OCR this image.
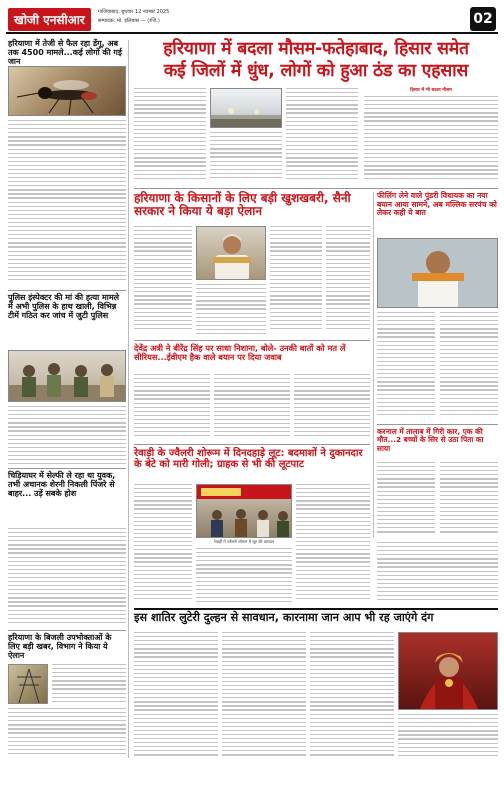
खोजी एनसीआर
गाजियाबाद, बुधवार 12 नवम्बर 2025
सम्पादक: मो. इलियास — (रजि.)	02
हरियाणा में तेजी से फैल रहा डेंगू, अब तक 4500 मामले...कई लोगों की गई जान
पुलिस इंस्पेक्टर की मां की हत्या मामले में अभी पुलिस के हाथ खाली, विभिन्न टीमें गठित कर जांच में जुटी पुलिस
चिड़ियाघर में सेल्फी ले रहा था युवक, तभी अचानक शेरनी निकली पिंजरे से बाहर... उड़ें सबके होश
हरियाणा के बिजली उपभोक्ताओं के लिए बड़ी खबर, विभाग ने किया ये ऐलान
हरियाणा में बदला मौसम-फतेहाबाद, हिसार समेत
कई जिलों में धुंध, लोगों को हुआ ठंड का एहसास
हिसार में भी बदला मौसम
हरियाणा के किसानों के लिए बड़ी खुशखबरी, सैनी सरकार ने किया ये बड़ा ऐलान
फीलिंग लेने वाले पुंडरी विधायक का नया बयान आया सामने, अब मल्लिक सरपंच को लेकर कही ये बात
देवेंद्र अत्री ने बीरेंद्र सिंह पर साधा निशाना, बोले- उनकी बातों को मत लें सीरियस...ईवीएम हैक वाले बयान पर दिया जवाब
करनाल में तालाब में गिरी कार, एक की मौत...2 बच्चों के सिर से उठा पिता का साया
रेवाड़ी के ज्वैलरी शोरूम में दिनदहाड़े लूट: बदमाशों ने दुकानदार के बेटे को मारी गोली; ग्राहक से भी की लूटपाट
रेवाड़ी में ज्वैलरी शोरूम में लूट की वारदात
इस शातिर लुटेरी दुल्हन से सावधान, कारनामा जान आप भी रह जाएंगे दंग
